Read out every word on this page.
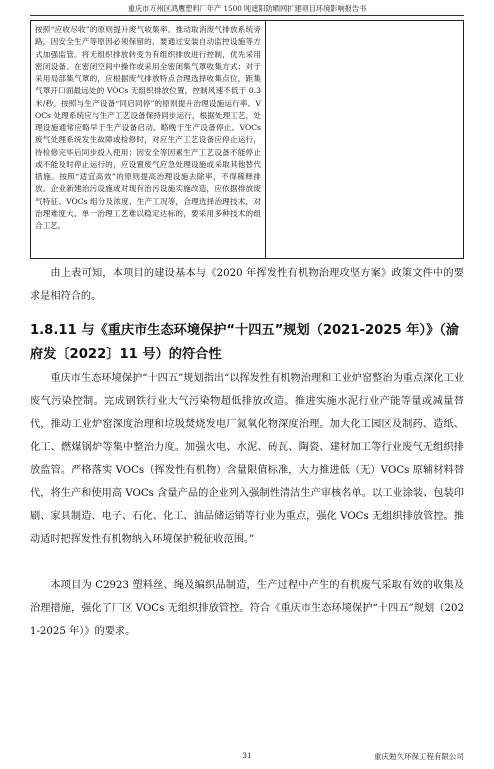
重庆市万州区鸿鹰塑料厂年产 1500 吨遮阳防晒网扩建项目环境影响报告书
按照“应收尽收”的原则提升废气收集率。推动取消废气排放系统旁路，因安全生产等原因必须保留的，要通过安装自动监控设施等方式加强监管。将无组织排放转变为有组织排放进行控制，优先采用密闭设备、在密闭空间中操作或采用全密闭集气罩收集方式；对于采用局部集气罩的，应根据废气排放特点合理选择收集点位，距集气罩开口面最远处的 VOCs 无组织排放位置，控制风速不低于 0.3 米/秒。按照与生产设备“同启同停”的原则提升治理设施运行率。VOCs 处理系统应与生产工艺设备保持同步运行，根据处理工艺，处理设施通常应略早于生产设备启动、略晚于生产设备停止。VOCs 废气处理系统发生故障或检修时，对应生产工艺设备应停止运行，待检修完毕后同步投入使用；因安全等因素生产工艺设备不能停止或不能及时停止运行的，应设置废气应急处理设施或采取其他替代措施。按照“适宜高效”的原则提高治理设施去除率，不得稀释排放。企业新建治污设施或对现有治污设施实施改造，应依据排放废气特征、VOCs 组分及浓度、生产工况等，合理选择治理技术，对治理难度大、单一治理工艺难以稳定达标的，要采用多种技术的组合工艺。

由上表可知，本项目的建设基本与《2020 年挥发性有机物治理攻坚方案》政策文件中的要求是相符合的。

1.8.11 与《重庆市生态环境保护“十四五”规划（2021-2025 年）》（渝府发〔2022〕11 号）的符合性

重庆市生态环境保护“十四五”规划指出“以挥发性有机物治理和工业炉窑整治为重点深化工业废气污染控制。完成钢铁行业大气污染物超低排放改造。推进实施水泥行业产能等量或减量替代，推动工业炉窑深度治理和垃圾焚烧发电厂氮氧化物深度治理。加大化工园区及制药、造纸、化工、燃煤锅炉等集中整治力度。加强火电、水泥、砖瓦、陶瓷、建材加工等行业废气无组织排放监管。严格落实 VOCs（挥发性有机物）含量限值标准，大力推进低（无）VOCs 原辅材料替代，将生产和使用高 VOCs 含量产品的企业列入强制性清洁生产审核名单。以工业涂装、包装印刷、家具制造、电子、石化、化工、油品储运销等行业为重点，强化 VOCs 无组织排放管控。推动适时把挥发性有机物纳入环境保护税征收范围。”

本项目为 C2923 塑料丝、绳及编织品制造，生产过程中产生的有机废气采取有效的收集及治理措施，强化了厂区 VOCs 无组织排放管控。符合《重庆市生态环境保护“十四五”规划（2021-2025 年）》的要求。

31	重庆勉久环保工程有限公司
